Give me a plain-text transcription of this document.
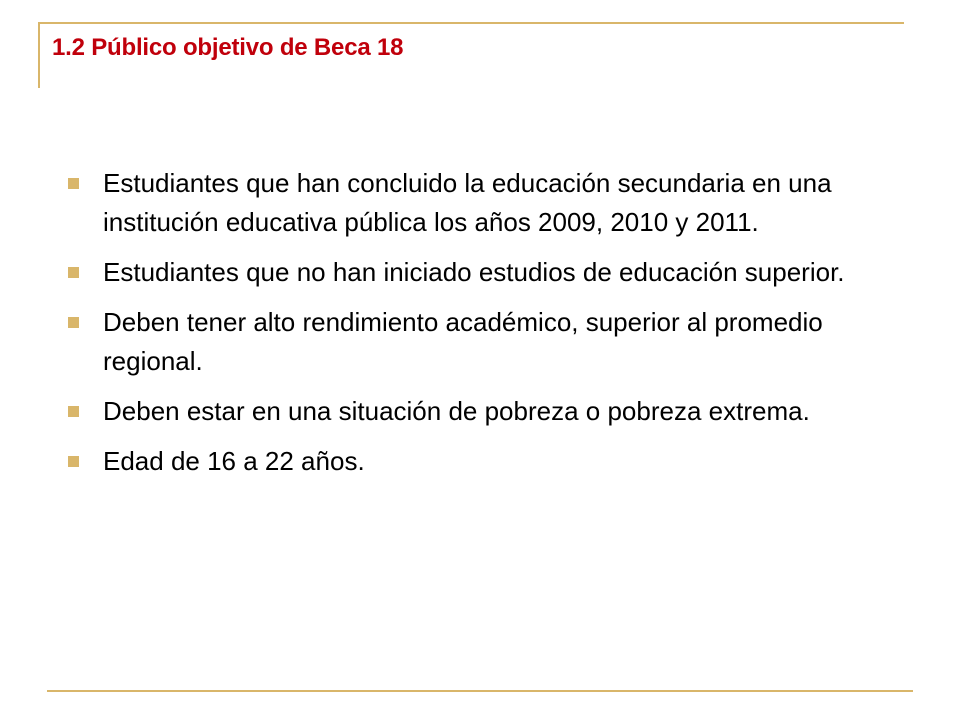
1.2 Público objetivo de Beca 18
Estudiantes que han concluido la educación secundaria en una institución educativa pública los años 2009, 2010 y 2011.
Estudiantes que no han iniciado estudios de educación superior.
Deben tener alto rendimiento académico, superior al promedio regional.
Deben estar en una situación de pobreza o pobreza extrema.
Edad de 16 a 22 años.
